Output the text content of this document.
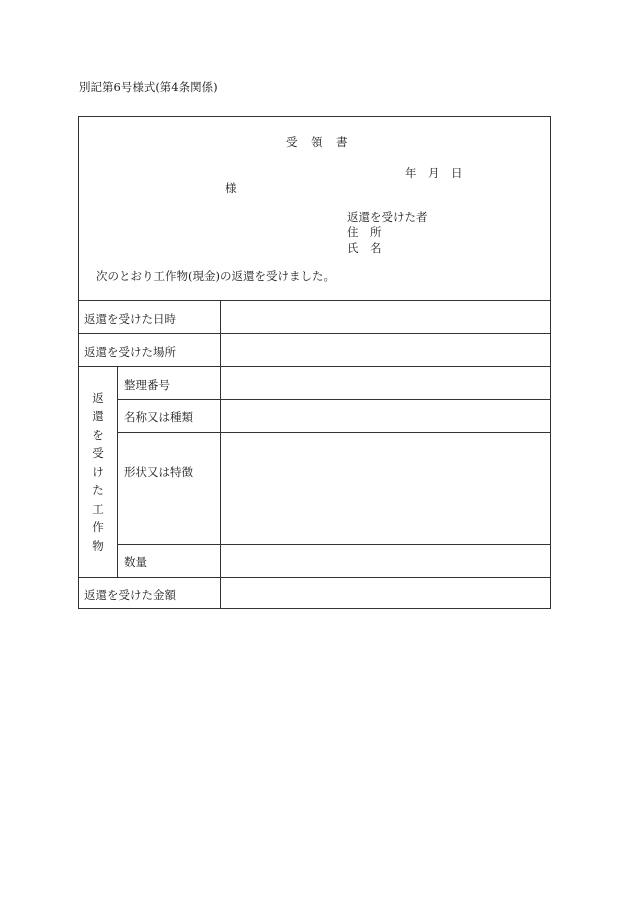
別記第6号様式(第4条関係)
受　領　書
年　月　日
様
返還を受けた者
住　所
氏　名
次のとおり工作物(現金)の返還を受けました。
返還を受けた日時
返還を受けた場所
整理番号
名称又は種類
形状又は特徴
数量
返還を受けた金額
返
還
を
受
け
た
工
作
物
